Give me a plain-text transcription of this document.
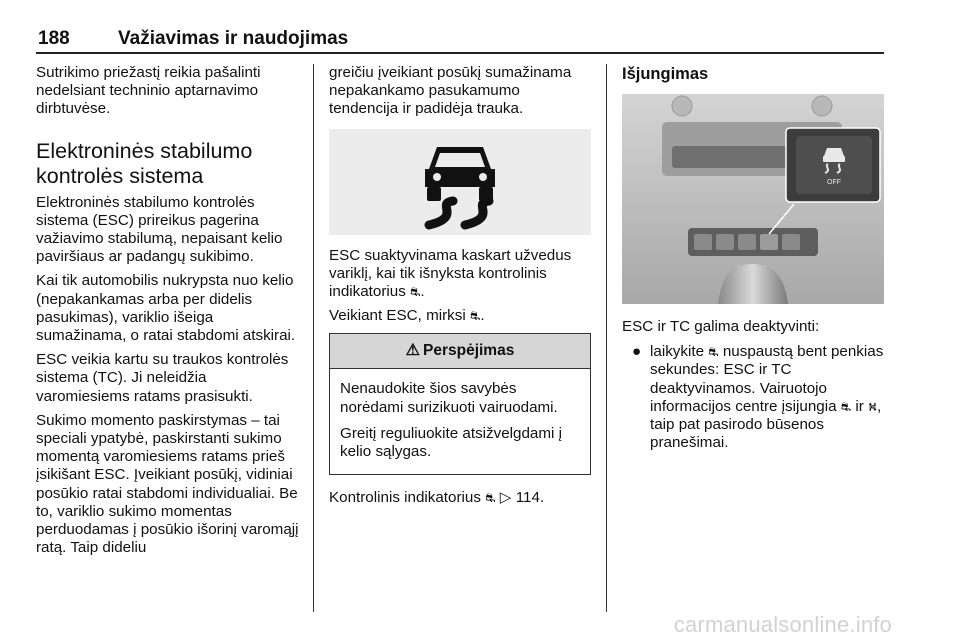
188	Važiavimas ir naudojimas

Sutrikimo priežastį reikia pašalinti nedelsiant techninio aptarnavimo dirbtuvėse.

Elektroninės stabilumo kontrolės sistema

Elektroninės stabilumo kontrolės sistema (ESC) prireikus pagerina važiavimo stabilumą, nepaisant kelio paviršiaus ar padangų sukibimo.

Kai tik automobilis nukrypsta nuo kelio (nepakankamas arba per didelis pasukimas), variklio išeiga sumažinama, o ratai stabdomi atskirai.

ESC veikia kartu su traukos kontrolės sistema (TC). Ji neleidžia varomiesiems ratams prasisukti.

Sukimo momento paskirstymas – tai speciali ypatybė, paskirstanti sukimo momentą varomiesiems ratams prieš įsikišant ESC. Įveikiant posūkį, vidiniai posūkio ratai stabdomi individualiai. Be to, variklio sukimo momentas perduodamas į posūkio išorinį varomąjį ratą. Taip dideliu

greičiu įveikiant posūkį sumažinama nepakankamo pasukamumo tendencija ir padidėja trauka.

ESC suaktyvinama kaskart užvedus variklį, kai tik išnyksta kontrolinis indikatorius ⛐.

Veikiant ESC, mirksi ⛐.

⚠ Perspėjimas

Nenaudokite šios savybės norėdami surizikuoti vairuodami.

Greitį reguliuokite atsižvelgdami į kelio sąlygas.

Kontrolinis indikatorius ⛐ ▷ 114.

Išjungimas
OFF

ESC ir TC galima deaktyvinti:

● laikykite ⛐ nuspaustą bent penkias sekundes: ESC ir TC deaktyvinamos. Vairuotojo informacijos centre įsijungia ⛐ ir ⛕, taip pat pasirodo būsenos pranešimai.
carmanualsonline.info
